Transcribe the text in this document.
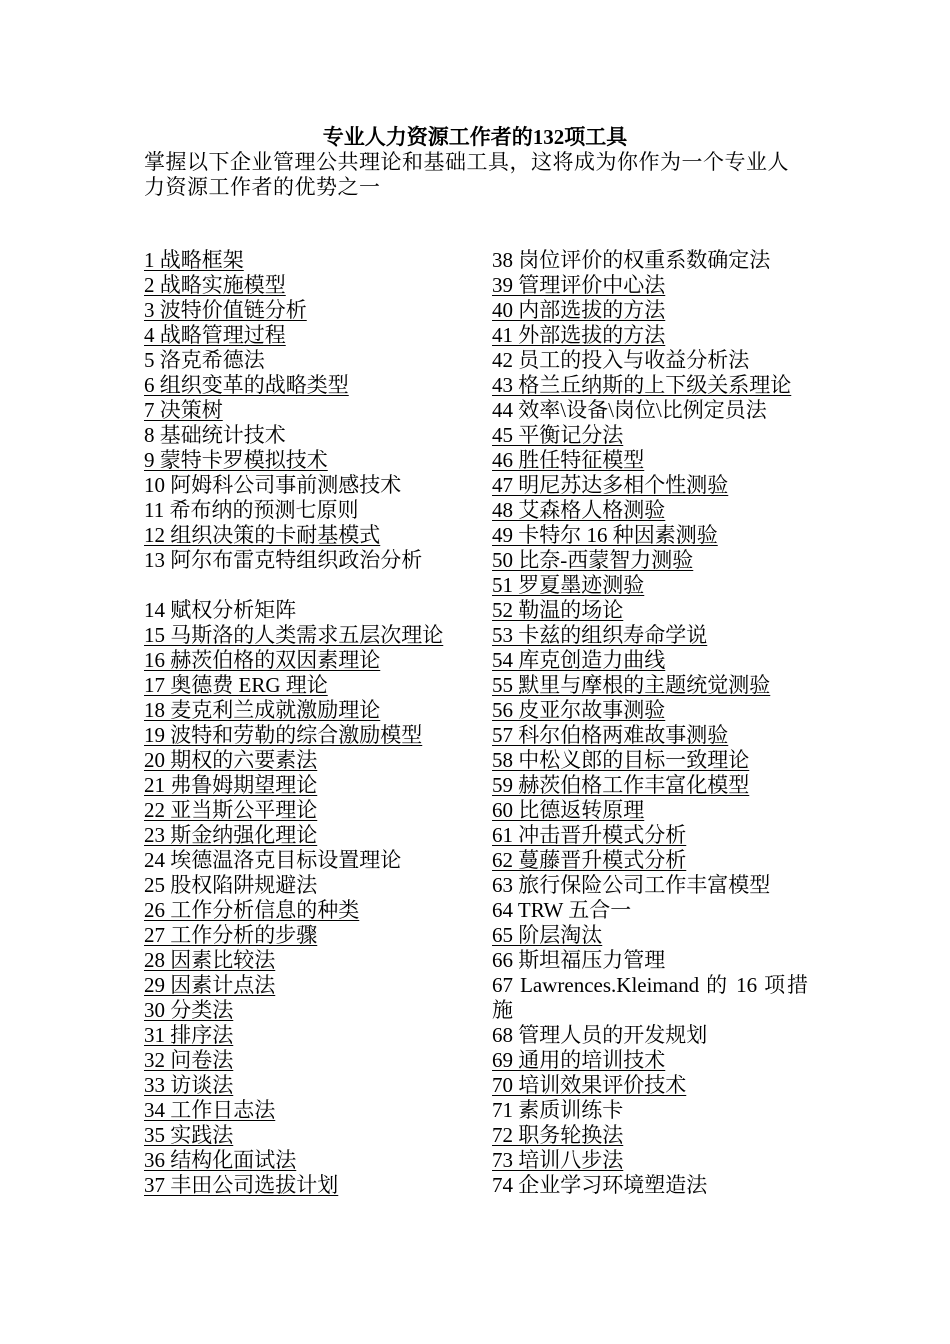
专业人力资源工作者的132项工具
掌握以下企业管理公共理论和基础工具，这将成为你作为一个专业人力资源工作者的优势之一
1 战略框架
2 战略实施模型
3 波特价值链分析
4 战略管理过程
5 洛克希德法
6 组织变革的战略类型
7 决策树
8 基础统计技术
9 蒙特卡罗模拟技术
10 阿姆科公司事前测感技术
11 希布纳的预测七原则
12 组织决策的卡耐基模式
13 阿尔布雷克特组织政治分析
14 赋权分析矩阵
15 马斯洛的人类需求五层次理论
16 赫茨伯格的双因素理论
17 奥德费 ERG 理论
18 麦克利兰成就激励理论
19 波特和劳勒的综合激励模型
20 期权的六要素法
21 弗鲁姆期望理论
22 亚当斯公平理论
23 斯金纳强化理论
24 埃德温洛克目标设置理论
25 股权陷阱规避法
26 工作分析信息的种类
27 工作分析的步骤
28 因素比较法
29 因素计点法
30 分类法
31 排序法
32 问卷法
33 访谈法
34 工作日志法
35 实践法
36 结构化面试法
37 丰田公司选拔计划
38 岗位评价的权重系数确定法
39 管理评价中心法
40 内部选拔的方法
41 外部选拔的方法
42 员工的投入与收益分析法
43 格兰丘纳斯的上下级关系理论
44 效率\设备\岗位\比例定员法
45 平衡记分法
46 胜任特征模型
47 明尼苏达多相个性测验
48 艾森格人格测验
49 卡特尔 16 种因素测验
50 比奈-西蒙智力测验
51 罗夏墨迹测验
52 勒温的场论
53 卡兹的组织寿命学说
54 库克创造力曲线
55 默里与摩根的主题统觉测验
56 皮亚尔故事测验
57 科尔伯格两难故事测验
58 中松义郎的目标一致理论
59 赫茨伯格工作丰富化模型
60 比德返转原理
61 冲击晋升模式分析
62 蔓藤晋升模式分析
63 旅行保险公司工作丰富模型
64 TRW 五合一
65 阶层淘汰
66 斯坦福压力管理
67 Lawrences.Kleimand 的 16 项措施
68 管理人员的开发规划
69 通用的培训技术
70 培训效果评价技术
71 素质训练卡
72 职务轮换法
73 培训八步法
74 企业学习环境塑造法
